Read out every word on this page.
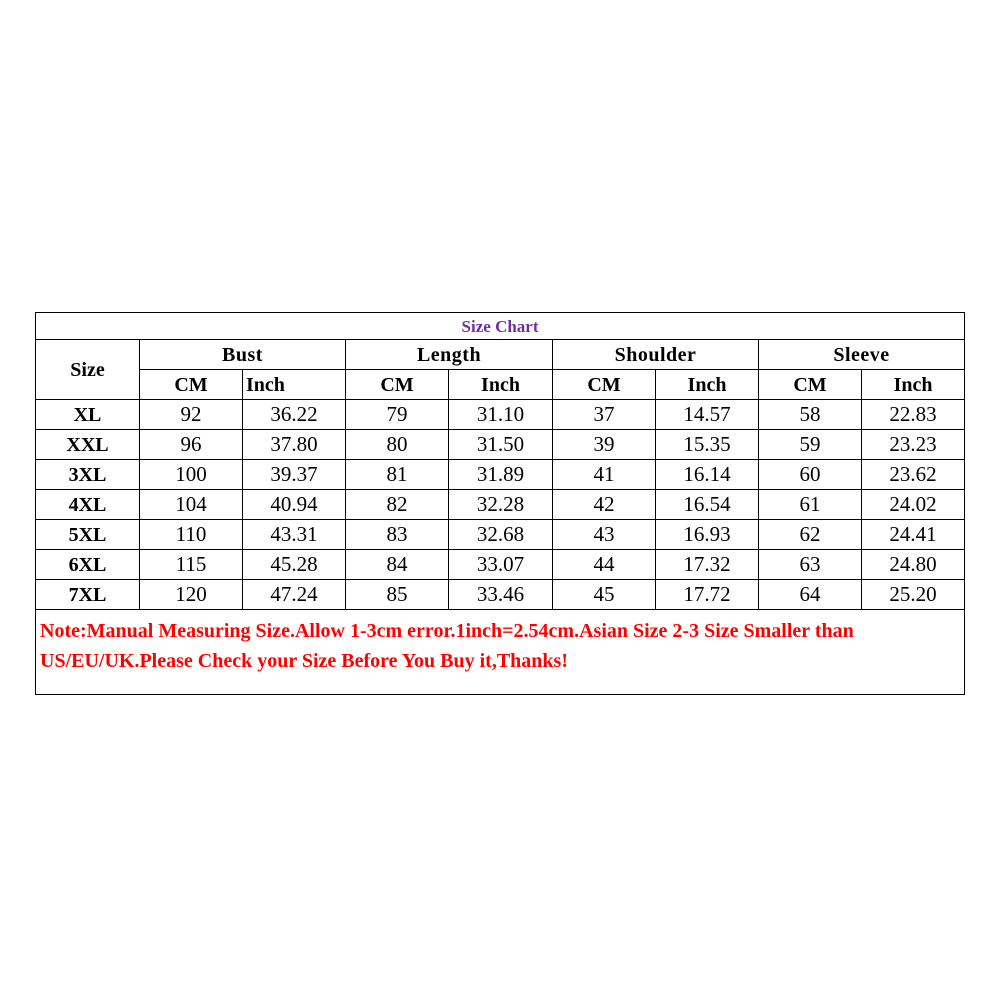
Size Chart								
Size	Bust		Length		Shoulder		Sleeve	
	CM	Inch	CM	Inch	CM	Inch	CM	Inch
XL	92	36.22	79	31.10	37	14.57	58	22.83
XXL	96	37.80	80	31.50	39	15.35	59	23.23
3XL	100	39.37	81	31.89	41	16.14	60	23.62
4XL	104	40.94	82	32.28	42	16.54	61	24.02
5XL	110	43.31	83	32.68	43	16.93	62	24.41
6XL	115	45.28	84	33.07	44	17.32	63	24.80
7XL	120	47.24	85	33.46	45	17.72	64	25.20
Note:Manual Measuring Size.Allow 1-3cm error.1inch=2.54cm.Asian Size 2-3 Size Smaller than US/EU/UK.Please Check your Size Before You Buy it,Thanks!								
